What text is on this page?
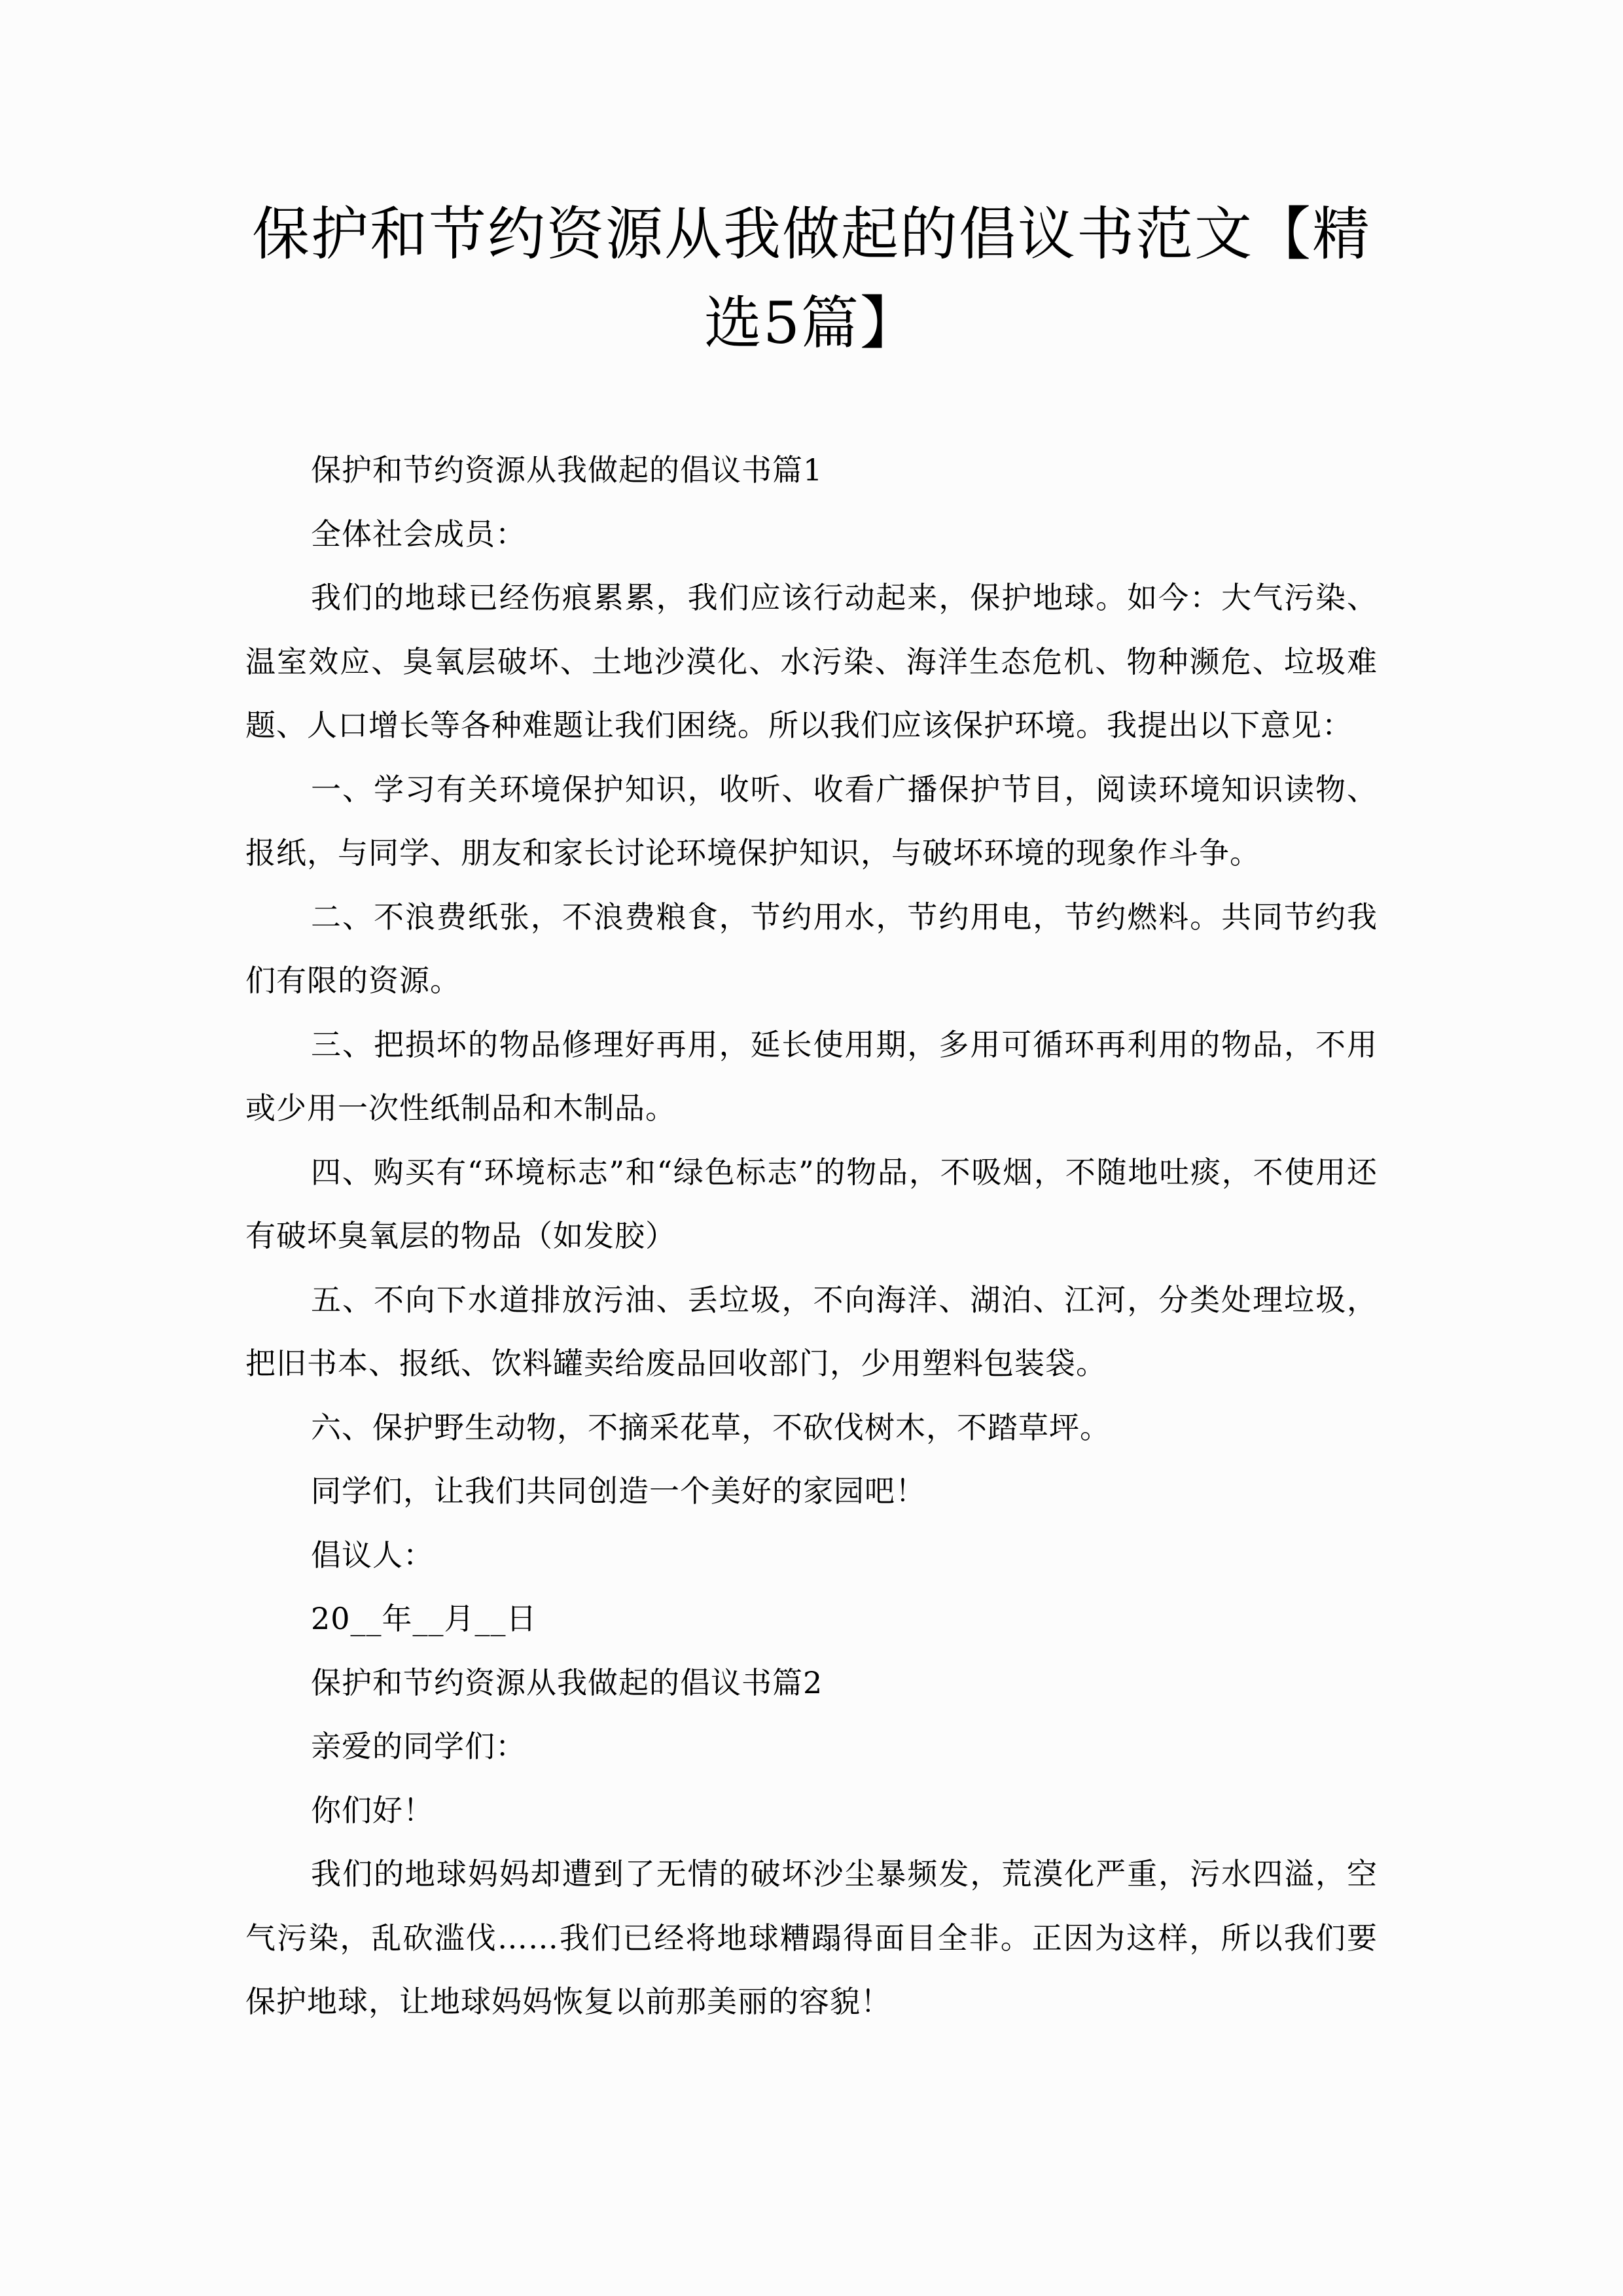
保护和节约资源从我做起的倡议书范文【精选5篇】

保护和节约资源从我做起的倡议书篇1

全体社会成员：

我们的地球已经伤痕累累，我们应该行动起来，保护地球。如今：大气污染、温室效应、臭氧层破坏、土地沙漠化、水污染、海洋生态危机、物种濒危、垃圾难题、人口增长等各种难题让我们困绕。所以我们应该保护环境。我提出以下意见：

一、学习有关环境保护知识，收听、收看广播保护节目，阅读环境知识读物、报纸，与同学、朋友和家长讨论环境保护知识，与破坏环境的现象作斗争。

二、不浪费纸张，不浪费粮食，节约用水，节约用电，节约燃料。共同节约我们有限的资源。

三、把损坏的物品修理好再用，延长使用期，多用可循环再利用的物品，不用或少用一次性纸制品和木制品。

四、购买有“环境标志”和“绿色标志”的物品，不吸烟，不随地吐痰，不使用还有破坏臭氧层的物品（如发胶）

五、不向下水道排放污油、丢垃圾，不向海洋、湖泊、江河，分类处理垃圾，把旧书本、报纸、饮料罐卖给废品回收部门，少用塑料包装袋。

六、保护野生动物，不摘采花草，不砍伐树木，不踏草坪。

同学们，让我们共同创造一个美好的家园吧！

倡议人：

20__年__月__日

保护和节约资源从我做起的倡议书篇2

亲爱的同学们：

你们好！

我们的地球妈妈却遭到了无情的破坏沙尘暴频发，荒漠化严重，污水四溢，空气污染，乱砍滥伐……我们已经将地球糟蹋得面目全非。正因为这样，所以我们要保护地球，让地球妈妈恢复以前那美丽的容貌！
